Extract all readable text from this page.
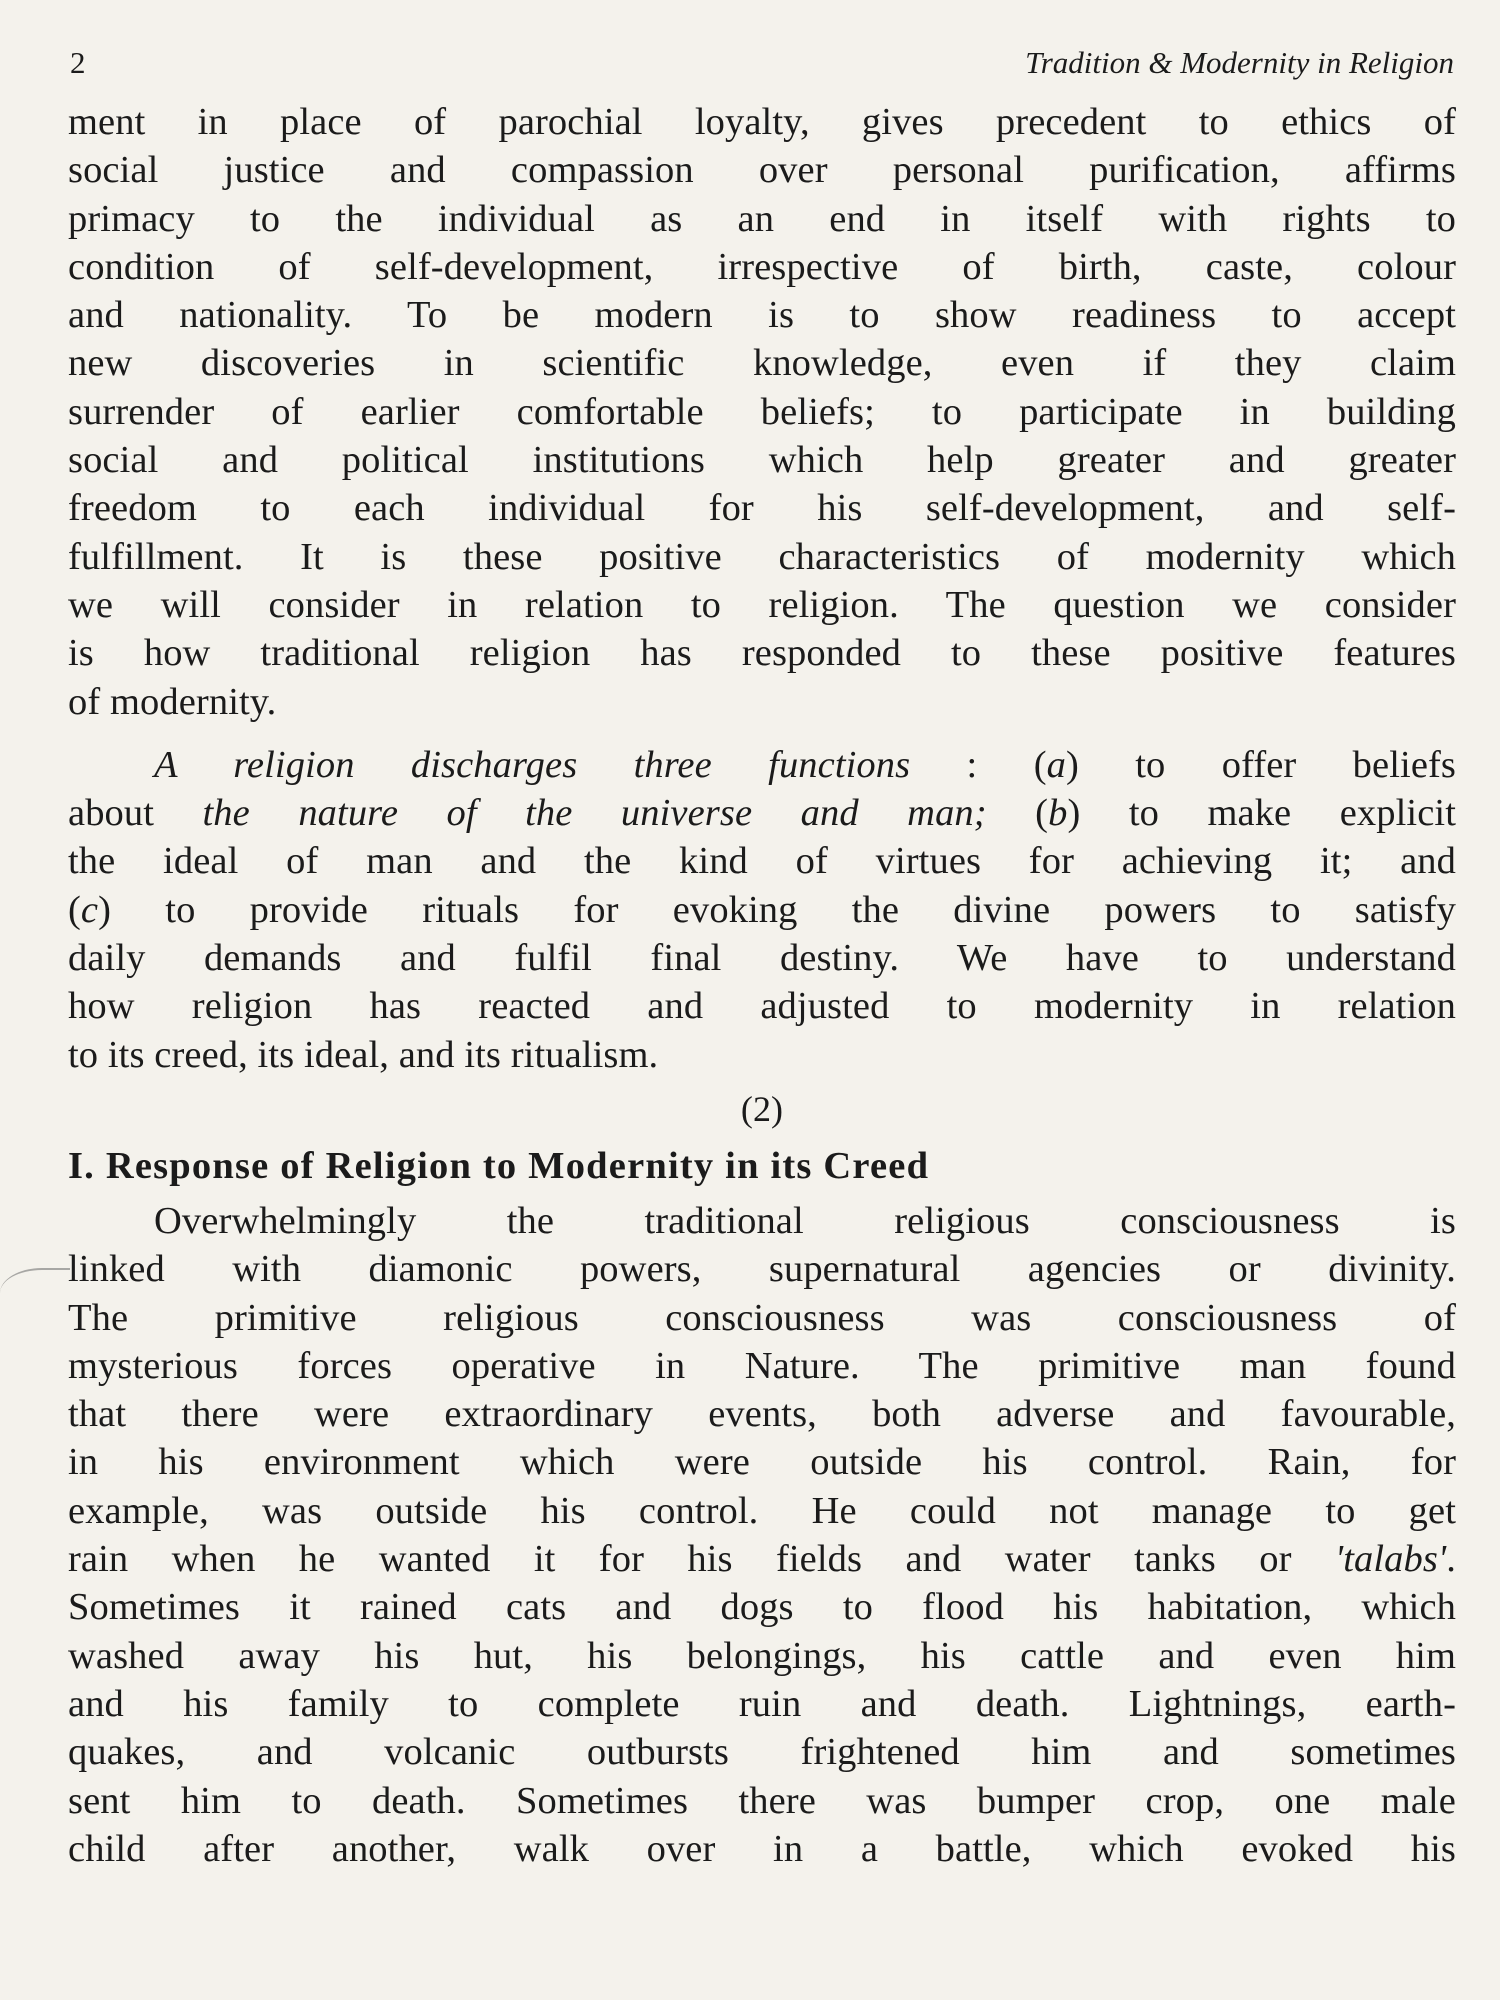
2	Tradition & Modernity in Religion
ment in place of parochial loyalty, gives precedent to ethics of
social justice and compassion over personal purification, affirms
primacy to the individual as an end in itself with rights to
condition of self-development, irrespective of birth, caste, colour
and nationality. To be modern is to show readiness to accept
new discoveries in scientific knowledge, even if they claim
surrender of earlier comfortable beliefs; to participate in building
social and political institutions which help greater and greater
freedom to each individual for his self-development, and self-
fulfillment. It is these positive characteristics of modernity which
we will consider in relation to religion. The question we consider
is how traditional religion has responded to these positive features
of modernity.
A religion discharges three functions : (a) to offer beliefs
about the nature of the universe and man; (b) to make explicit
the ideal of man and the kind of virtues for achieving it; and
(c) to provide rituals for evoking the divine powers to satisfy
daily demands and fulfil final destiny. We have to understand
how religion has reacted and adjusted to modernity in relation
to its creed, its ideal, and its ritualism.
(2)
I. Response of Religion to Modernity in its Creed
Overwhelmingly the traditional religious consciousness is
linked with diamonic powers, supernatural agencies or divinity.
The primitive religious consciousness was consciousness of
mysterious forces operative in Nature. The primitive man found
that there were extraordinary events, both adverse and favourable,
in his environment which were outside his control. Rain, for
example, was outside his control. He could not manage to get
rain when he wanted it for his fields and water tanks or 'talabs'.
Sometimes it rained cats and dogs to flood his habitation, which
washed away his hut, his belongings, his cattle and even him
and his family to complete ruin and death. Lightnings, earth-
quakes, and volcanic outbursts frightened him and sometimes
sent him to death. Sometimes there was bumper crop, one male
child after another, walk over in a battle, which evoked his
